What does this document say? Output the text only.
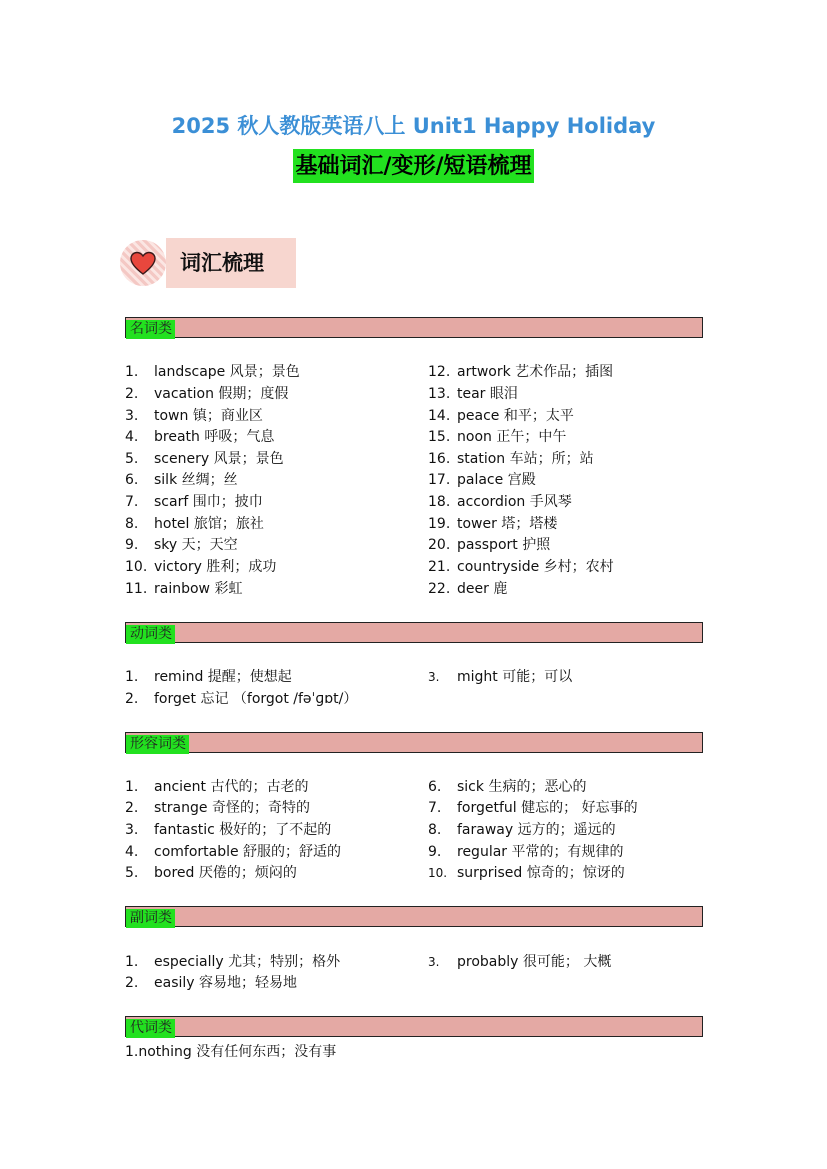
2025 秋人教版英语八上 Unit1 Happy Holiday
基础词汇/变形/短语梳理
词汇梳理
名词类
1. landscape 风景；景色
2. vacation 假期；度假
3. town 镇；商业区
4. breath 呼吸；气息
5. scenery 风景；景色
6. silk 丝绸；丝
7. scarf 围巾；披巾
8. hotel 旅馆；旅社
9. sky 天；天空
10. victory 胜利；成功
11. rainbow 彩虹
12. artwork 艺术作品；插图
13. tear 眼泪
14. peace 和平；太平
15. noon 正午；中午
16. station 车站；所；站
17. palace 宫殿
18. accordion 手风琴
19. tower 塔；塔楼
20. passport 护照
21. countryside 乡村；农村
22. deer 鹿
动词类
1. remind 提醒；使想起
2. forget 忘记 （forgot /fəˈɡɒt/）
3. might 可能；可以
形容词类
1. ancient 古代的；古老的
2. strange 奇怪的；奇特的
3. fantastic 极好的；了不起的
4. comfortable 舒服的；舒适的
5. bored 厌倦的；烦闷的
6. sick 生病的；恶心的
7. forgetful 健忘的； 好忘事的
8. faraway 远方的；遥远的
9. regular 平常的；有规律的
10. surprised 惊奇的；惊讶的
副词类
1. especially 尤其；特别；格外
2. easily 容易地；轻易地
3. probably 很可能； 大概
代词类
1.nothing 没有任何东西；没有事
